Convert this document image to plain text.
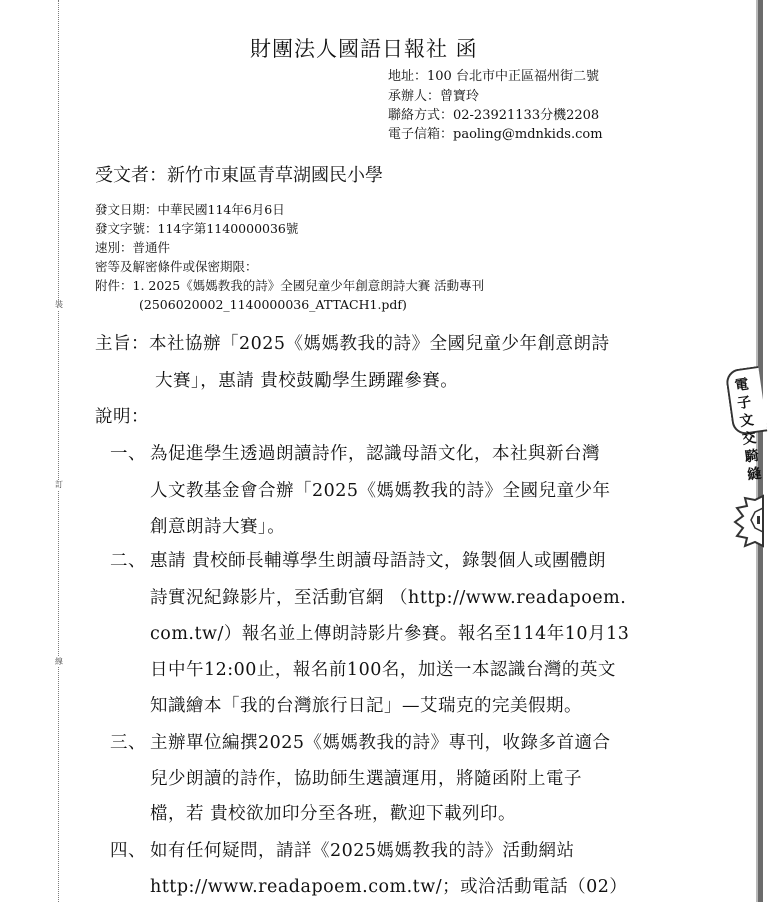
裝
訂
線
財團法人國語日報社 函
地址：100 台北市中正區福州街二號
承辦人：曾寶玲
聯絡方式：02-23921133分機2208
電子信箱：paoling@mdnkids.com
受文者：新竹市東區青草湖國民小學
發文日期：中華民國114年6月6日
發文字號：114字第1140000036號
速別：普通件
密等及解密條件或保密期限：
附件：1. 2025《媽媽教我的詩》全國兒童少年創意朗詩大賽 活動專刊
(2506020002_1140000036_ATTACH1.pdf)
主旨：本社協辦「2025《媽媽教我的詩》全國兒童少年創意朗詩
大賽」，惠請 貴校鼓勵學生踴躍參賽。
說明：
一、 為促進學生透過朗讀詩作，認識母語文化，本社與新台灣
人文教基金會合辦「2025《媽媽教我的詩》全國兒童少年
創意朗詩大賽」。
二、 惠請 貴校師長輔導學生朗讀母語詩文，錄製個人或團體朗
詩實況紀錄影片，至活動官網 （http://www.readapoem.
com.tw/）報名並上傳朗詩影片參賽。報名至114年10月13
日中午12:00止，報名前100名，加送一本認識台灣的英文
知識繪本「我的台灣旅行日記」—艾瑞克的完美假期。
三、 主辦單位編撰2025《媽媽教我的詩》專刊，收錄多首適合
兒少朗讀的詩作，協助師生選讀運用，將隨函附上電子
檔，若 貴校欲加印分至各班，歡迎下載列印。
四、 如有任何疑問，請詳《2025媽媽教我的詩》活動網站
http://www.readapoem.com.tw/；或洽活動電話（02）
電子
文交
騎縫
